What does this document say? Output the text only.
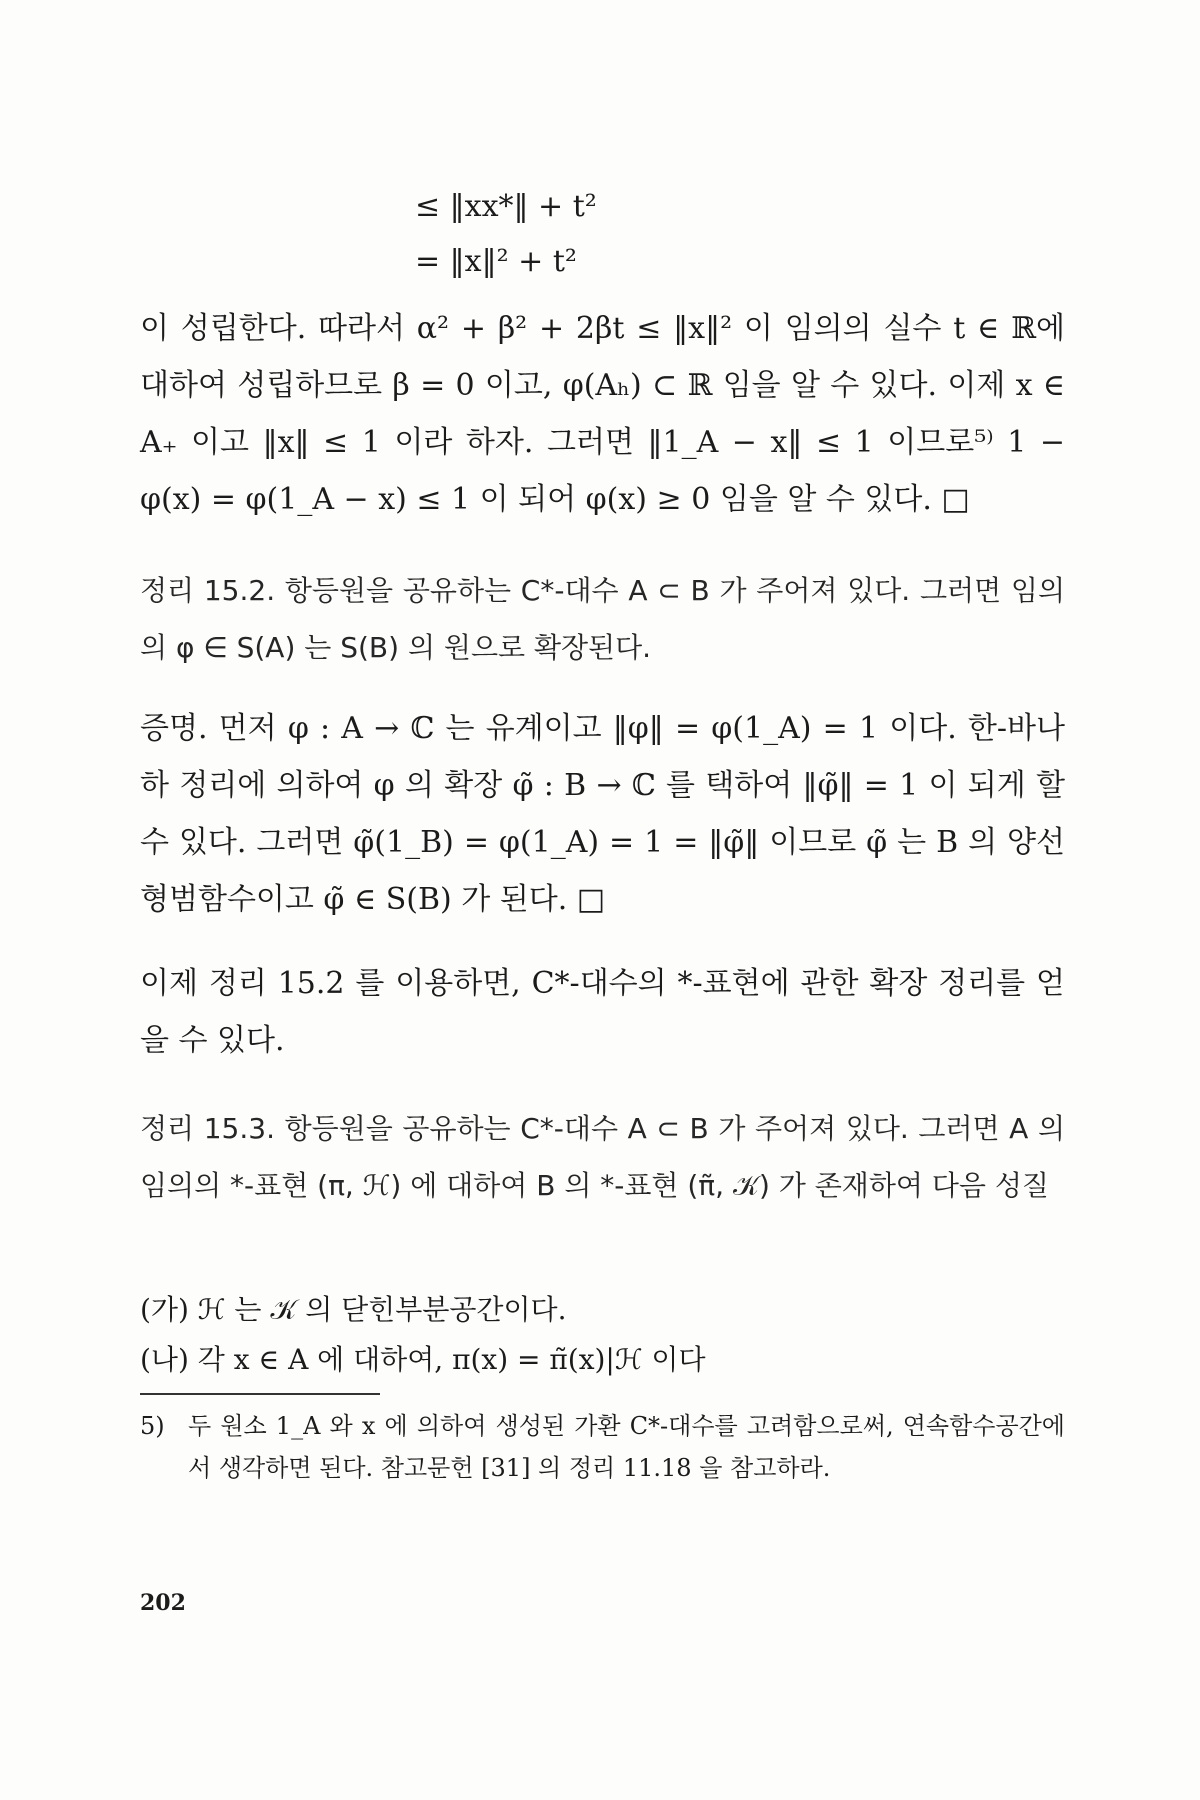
≤ ‖xx*‖ + t²
= ‖x‖² + t²

이 성립한다. 따라서 α² + β² + 2βt ≤ ‖x‖² 이 임의의 실수 t ∈ ℝ에 대하여 성립하므로 β = 0 이고, φ(Aₕ) ⊂ ℝ 임을 알 수 있다. 이제 x ∈ A₊ 이고 ‖x‖ ≤ 1 이라 하자. 그러면 ‖1_A − x‖ ≤ 1 이므로⁵⁾ 1 − φ(x) = φ(1_A − x) ≤ 1 이 되어 φ(x) ≥ 0 임을 알 수 있다. □

정리 15.2. 항등원을 공유하는 C*-대수 A ⊂ B 가 주어져 있다. 그러면 임의의 φ ∈ S(A) 는 S(B) 의 원으로 확장된다.

증명. 먼저 φ : A → ℂ 는 유계이고 ‖φ‖ = φ(1_A) = 1 이다. 한-바나하 정리에 의하여 φ 의 확장 φ̃ : B → ℂ 를 택하여 ‖φ̃‖ = 1 이 되게 할 수 있다. 그러면 φ̃(1_B) = φ(1_A) = 1 = ‖φ̃‖ 이므로 φ̃ 는 B 의 양선형범함수이고 φ̃ ∈ S(B) 가 된다. □

이제 정리 15.2 를 이용하면, C*-대수의 *-표현에 관한 확장 정리를 얻을 수 있다.

정리 15.3. 항등원을 공유하는 C*-대수 A ⊂ B 가 주어져 있다. 그러면 A 의 임의의 *-표현 (π, ℋ) 에 대하여 B 의 *-표현 (π̃, 𝒦) 가 존재하여 다음 성질

(가) ℋ 는 𝒦 의 닫힌부분공간이다.
(나) 각 x ∈ A 에 대하여, π(x) = π̃(x)|ℋ 이다
5) 두 원소 1_A 와 x 에 의하여 생성된 가환 C*-대수를 고려함으로써, 연속함수공간에서 생각하면 된다. 참고문헌 [31] 의 정리 11.18 을 참고하라.
202
